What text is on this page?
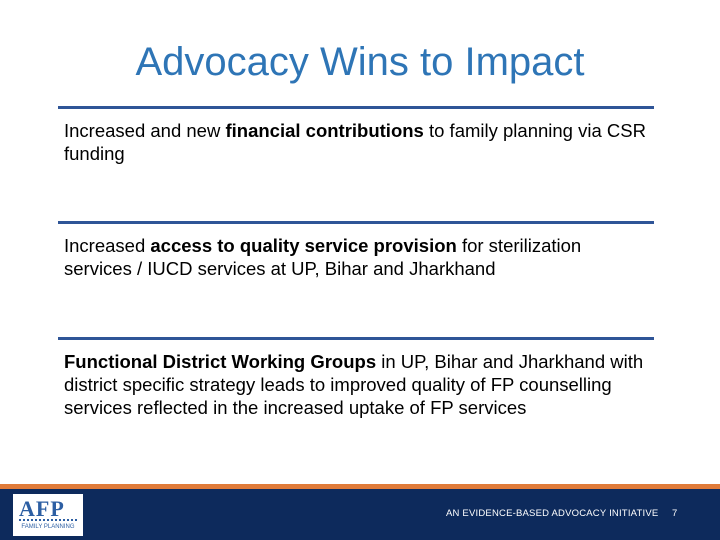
Advocacy Wins to Impact
Increased and new financial contributions to family planning via CSR funding
Increased access to quality service provision for sterilization services / IUCD services at UP, Bihar and Jharkhand
Functional District Working Groups in UP, Bihar and Jharkhand with district specific strategy leads to improved quality of FP counselling services reflected in the increased uptake of FP services
AFP
FAMILY PLANNING
AN EVIDENCE-BASED ADVOCACY INITIATIVE 7
